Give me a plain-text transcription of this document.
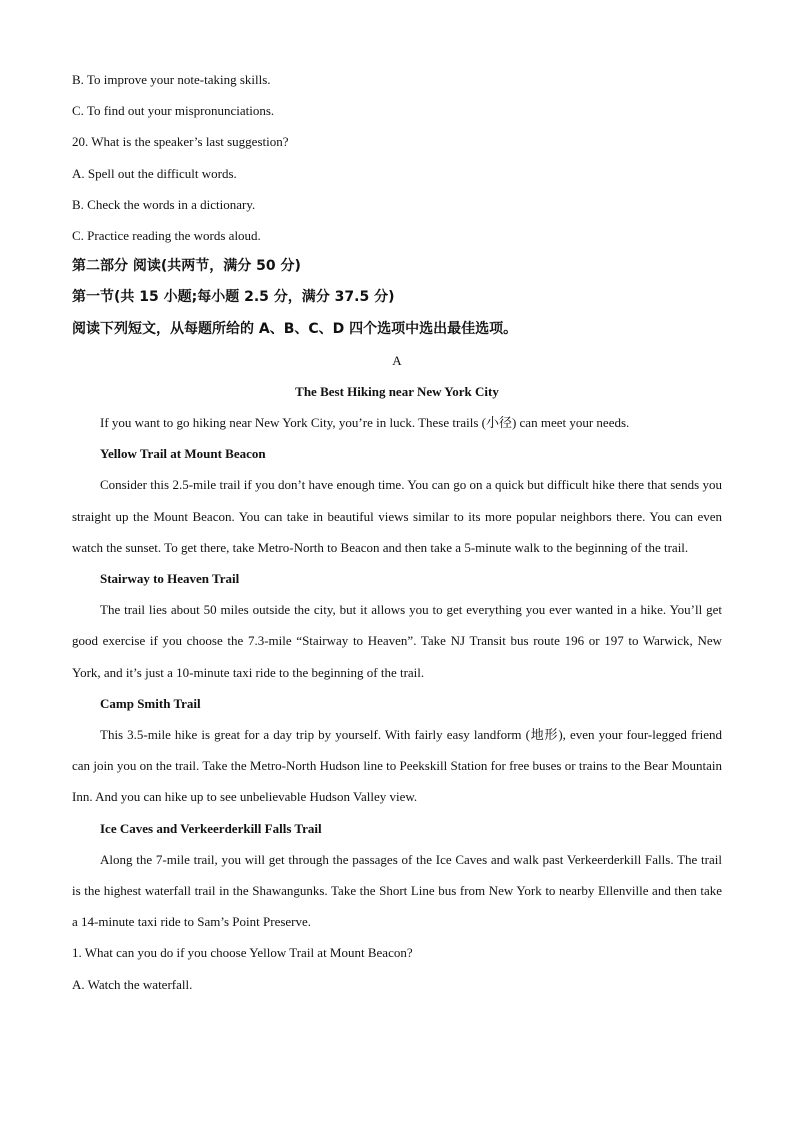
B. To improve your note-taking skills.
C. To find out your mispronunciations.
20. What is the speaker’s last suggestion?
A. Spell out the difficult words.
B. Check the words in a dictionary.
C. Practice reading the words aloud.
第二部分 阅读(共两节，满分 50 分)
第一节(共 15 小题;每小题 2.5 分，满分 37.5 分)
阅读下列短文，从每题所给的 A、B、C、D 四个选项中选出最佳选项。
A
The Best Hiking near New York City
If you want to go hiking near New York City, you’re in luck. These trails (小径) can meet your needs.
Yellow Trail at Mount Beacon
Consider this 2.5-mile trail if you don’t have enough time. You can go on a quick but difficult hike there that sends you straight up the Mount Beacon. You can take in beautiful views similar to its more popular neighbors there. You can even watch the sunset. To get there, take Metro-North to Beacon and then take a 5-minute walk to the beginning of the trail.
Stairway to Heaven Trail
The trail lies about 50 miles outside the city, but it allows you to get everything you ever wanted in a hike. You’ll get good exercise if you choose the 7.3-mile “Stairway to Heaven”. Take NJ Transit bus route 196 or 197 to Warwick, New York, and it’s just a 10-minute taxi ride to the beginning of the trail.
Camp Smith Trail
This 3.5-mile hike is great for a day trip by yourself. With fairly easy landform (地形), even your four-legged friend can join you on the trail. Take the Metro-North Hudson line to Peekskill Station for free buses or trains to the Bear Mountain Inn. And you can hike up to see unbelievable Hudson Valley view.
Ice Caves and Verkeerderkill Falls Trail
Along the 7-mile trail, you will get through the passages of the Ice Caves and walk past Verkeerderkill Falls. The trail is the highest waterfall trail in the Shawangunks. Take the Short Line bus from New York to nearby Ellenville and then take a 14-minute taxi ride to Sam’s Point Preserve.
1. What can you do if you choose Yellow Trail at Mount Beacon?
A. Watch the waterfall.
